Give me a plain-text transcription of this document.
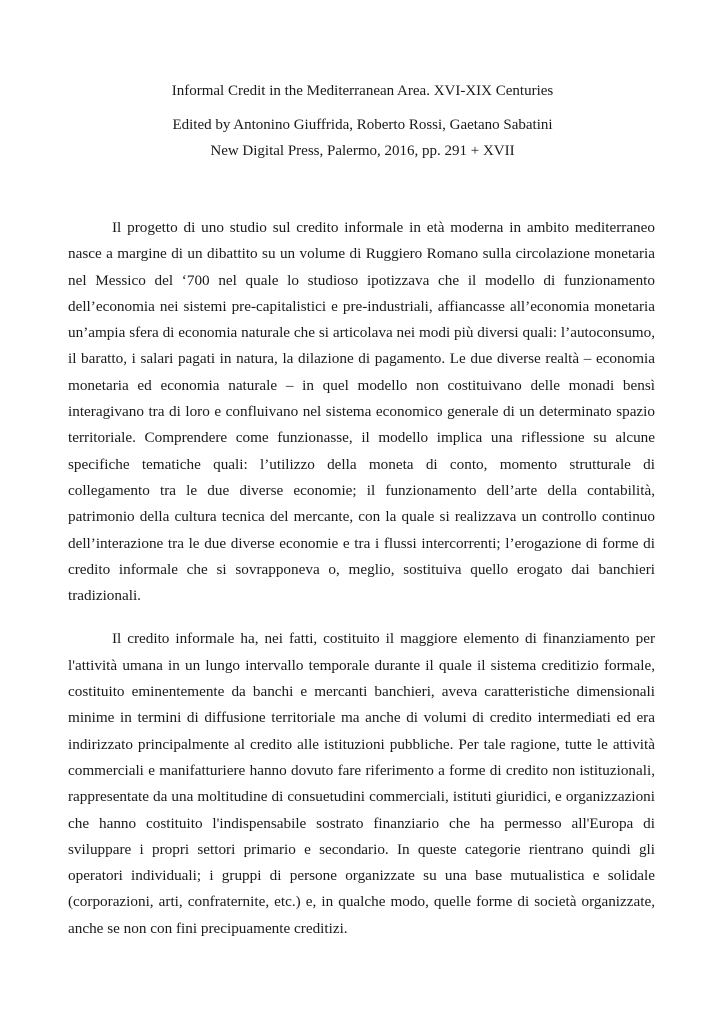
Informal Credit in the Mediterranean Area. XVI-XIX Centuries
Edited by Antonino Giuffrida, Roberto Rossi, Gaetano Sabatini
New Digital Press, Palermo, 2016, pp. 291 + XVII

Il progetto di uno studio sul credito informale in età moderna in ambito mediterraneo nasce a margine di un dibattito su un volume di Ruggiero Romano sulla circolazione monetaria nel Messico del ‘700 nel quale lo studioso ipotizzava che il modello di funzionamento dell’economia nei sistemi pre-capitalistici e pre-industriali, affiancasse all’economia monetaria un’ampia sfera di economia naturale che si articolava nei modi più diversi quali: l’autoconsumo, il baratto, i salari pagati in natura, la dilazione di pagamento. Le due diverse realtà – economia monetaria ed economia naturale – in quel modello non costituivano delle monadi bensì interagivano tra di loro e confluivano nel sistema economico generale di un determinato spazio territoriale. Comprendere come funzionasse, il modello implica una riflessione su alcune specifiche tematiche quali: l’utilizzo della moneta di conto, momento strutturale di collegamento tra le due diverse economie; il funzionamento dell’arte della contabilità, patrimonio della cultura tecnica del mercante, con la quale si realizzava un controllo continuo dell’interazione tra le due diverse economie e tra i flussi intercorrenti; l’erogazione di forme di credito informale che si sovrapponeva o, meglio, sostituiva quello erogato dai banchieri tradizionali.

Il credito informale ha, nei fatti, costituito il maggiore elemento di finanziamento per l'attività umana in un lungo intervallo temporale durante il quale il sistema creditizio formale, costituito eminentemente da banchi e mercanti banchieri, aveva caratteristiche dimensionali minime in termini di diffusione territoriale ma anche di volumi di credito intermediati ed era indirizzato principalmente al credito alle istituzioni pubbliche. Per tale ragione, tutte le attività commerciali e manifatturiere hanno dovuto fare riferimento a forme di credito non istituzionali, rappresentate da una moltitudine di consuetudini commerciali, istituti giuridici, e organizzazioni che hanno costituito l'indispensabile sostrato finanziario che ha permesso all'Europa di sviluppare i propri settori primario e secondario. In queste categorie rientrano quindi gli operatori individuali; i gruppi di persone organizzate su una base mutualistica e solidale (corporazioni, arti, confraternite, etc.) e, in qualche modo, quelle forme di società organizzate, anche se non con fini precipuamente creditizi.
